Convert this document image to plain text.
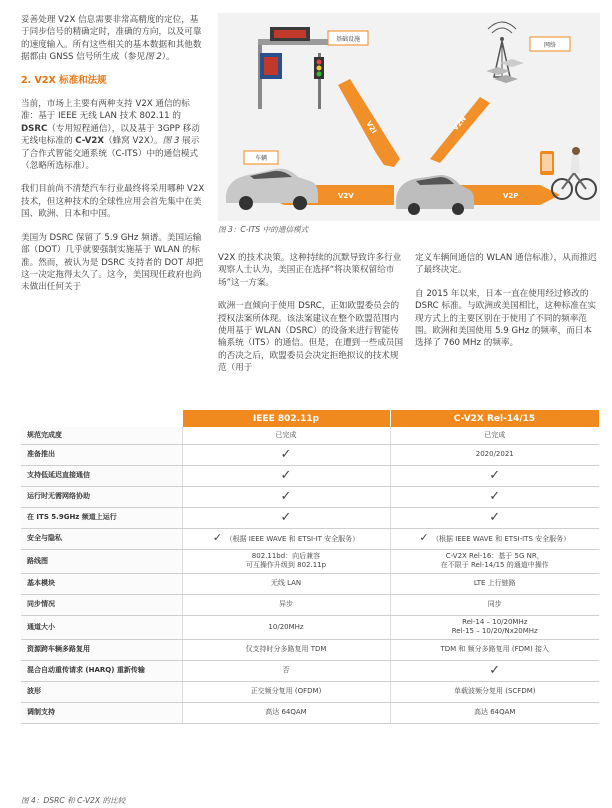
妥善处理 V2X 信息需要非常高精度的定位，基于同步信号的精确定时，准确的方向，以及可靠的速度输入。所有这些相关的基本数据和其他数据都由 GNSS 信号所生成（参见图 2）。

2. V2X 标准和法规

当前，市场上主要有两种支持 V2X 通信的标准：基于 IEEE 无线 LAN 技术 802.11 的 DSRC（专用短程通信），以及基于 3GPP 移动无线电标准的 C-V2X（蜂窝 V2X）。图 3 展示了合作式智能交通系统（C-ITS）中的通信模式（忽略所选标准）。

我们目前尚不清楚汽车行业最终将采用哪种 V2X 技术，但这种技术的全球性应用会首先集中在美国、欧洲、日本和中国。

美国为 DSRC 保留了 5.9 GHz 频谱。美国运输部（DOT）几乎就要强制实施基于 WLAN 的标准。然而，被认为是 DSRC 支持者的 DOT 却把这一决定拖得太久了。这今，美国现任政府也尚未做出任何关于

基础设施
网络
V2I	V2N
V2V	V2P
车辆
图 3：C-ITS 中的通信模式

V2X 的技术决策。这种持续的沉默导致许多行业观察人士认为，美国正在选择“将决策权留给市场”这一方案。

欧洲一直倾向于使用 DSRC，正如欧盟委员会的授权法案所体现。该法案建议在整个欧盟范围内使用基于 WLAN（DSRC）的设备来进行智能传输系统（ITS）的通信。但是，在遭到一些成员国的否决之后，欧盟委员会决定拒绝拟议的技术规范（用于

定义车辆间通信的 WLAN 通信标准），从而推迟了最终决定。

自 2015 年以来，日本一直在使用经过修改的 DSRC 标准。与欧洲或美国相比，这种标准在实现方式上的主要区别在于使用了不同的频率范围。欧洲和美国使用 5.9 GHz 的频率，而日本选择了 760 MHz 的频率。

	IEEE 802.11p	C-V2X Rel-14/15
规范完成度	已完成	已完成
准备推出	✓	2020/2021
支持低延迟直接通信	✓	✓
运行时无需网络协助	✓	✓
在 ITS 5.9GHz 频道上运行	✓	✓
安全与隐私	✓ （根据 IEEE WAVE 和 ETSI-IT 安全服务）	✓ （根据 IEEE WAVE 和 ETSI-ITS 安全服务）
路线图	802.11bd：向后兼容
可互操作升级到 802.11p	C-V2X Rel-16：基于 5G NR，
在不限于 Rel-14/15 的通道中操作
基本模块	无线 LAN	LTE 上行链路
同步情况	异步	同步
通道大小	10/20MHz	Rel-14 – 10/20MHz
Rel-15 – 10/20/Nx20MHz
资源跨车辆多路复用	仅支持时分多路复用 TDM	TDM 和 频分多路复用 (FDM) 接入
混合自动重传请求 (HARQ) 重新传输	否	✓
波形	正交频分复用 (OFDM)	单载波频分复用 (SCFDM)
调制支持	高达 64QAM	高达 64QAM
图 4：DSRC 和 C-V2X 的比较
